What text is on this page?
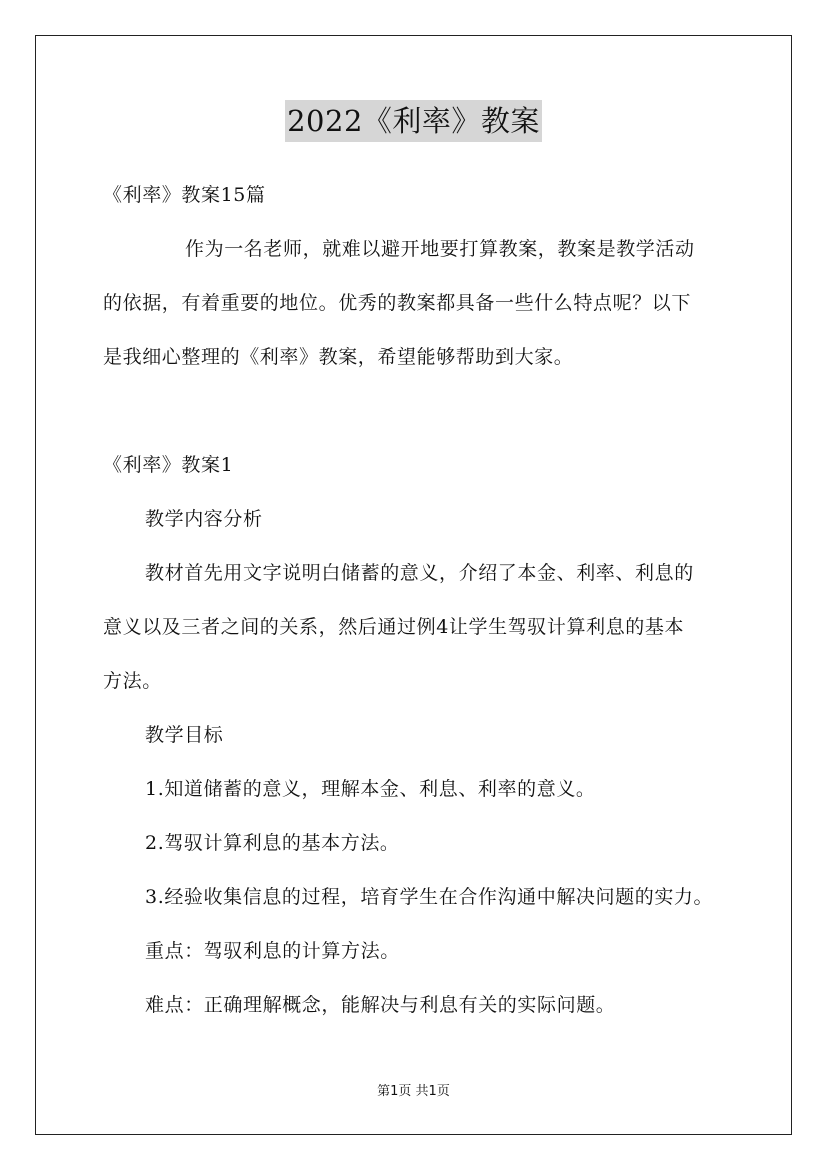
2022《利率》教案
《利率》教案15篇
作为一名老师，就难以避开地要打算教案，教案是教学活动
的依据，有着重要的地位。优秀的教案都具备一些什么特点呢？以下
是我细心整理的《利率》教案，希望能够帮助到大家。
《利率》教案1
教学内容分析
教材首先用文字说明白储蓄的意义，介绍了本金、利率、利息的
意义以及三者之间的关系，然后通过例4让学生驾驭计算利息的基本
方法。
教学目标
1.知道储蓄的意义，理解本金、利息、利率的意义。
2.驾驭计算利息的基本方法。
3.经验收集信息的过程，培育学生在合作沟通中解决问题的实力。
重点：驾驭利息的计算方法。
难点：正确理解概念，能解决与利息有关的实际问题。
第1页 共1页
